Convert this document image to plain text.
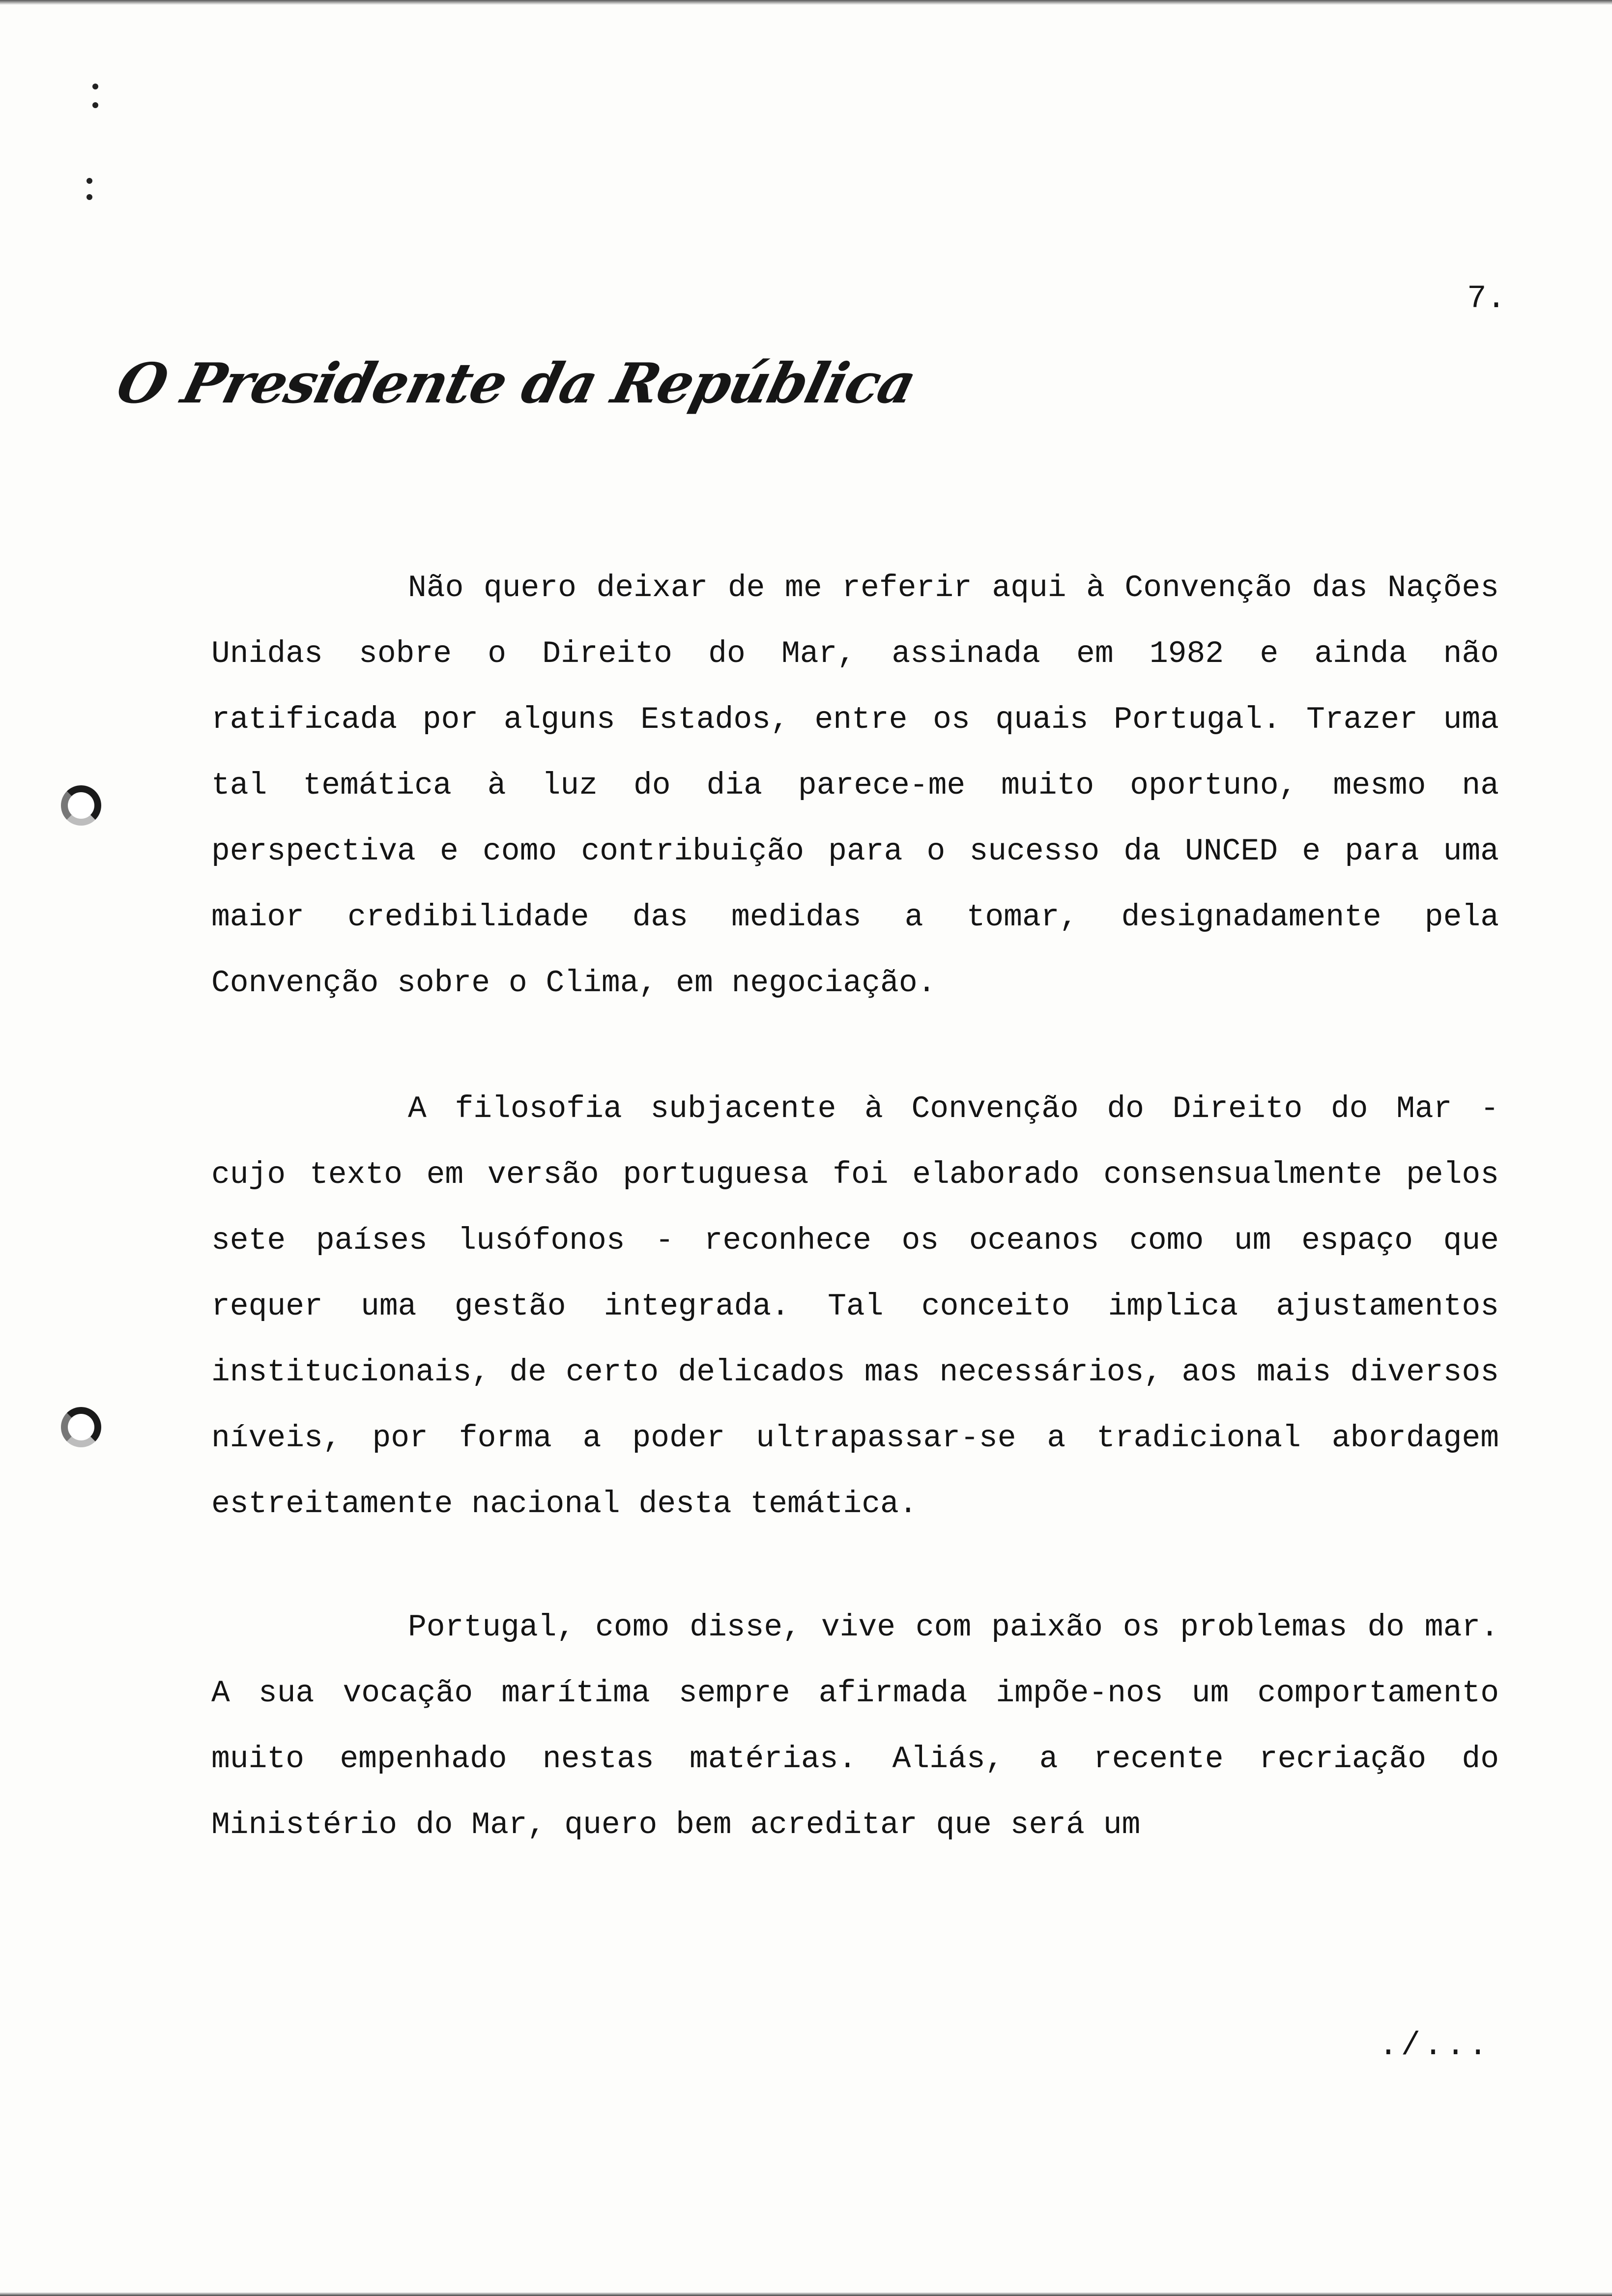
7.
O Presidente da República

Não quero deixar de me referir aqui à Convenção das Nações Unidas sobre o Direito do Mar, assinada em 1982 e ainda não ratificada por alguns Estados, entre os quais Portugal. Trazer uma tal temática à luz do dia parece-me muito oportuno, mesmo na perspectiva e como contribuição para o sucesso da UNCED e para uma maior credibilidade das medidas a tomar, designadamente pela Convenção sobre o Clima, em negociação.

A filosofia subjacente à Convenção do Direito do Mar - cujo texto em versão portuguesa foi elaborado consensualmente pelos sete países lusófonos - reconhece os oceanos como um espaço que requer uma gestão integrada. Tal conceito implica ajustamentos institucionais, de certo delicados mas necessários, aos mais diversos níveis, por forma a poder ultrapassar-se a tradicional abordagem estreitamente nacional desta temática.

Portugal, como disse, vive com paixão os problemas do mar. A sua vocação marítima sempre afirmada impõe-nos um comportamento muito empenhado nestas matérias. Aliás, a recente recriação do Ministério do Mar, quero bem acreditar que será um

./...
